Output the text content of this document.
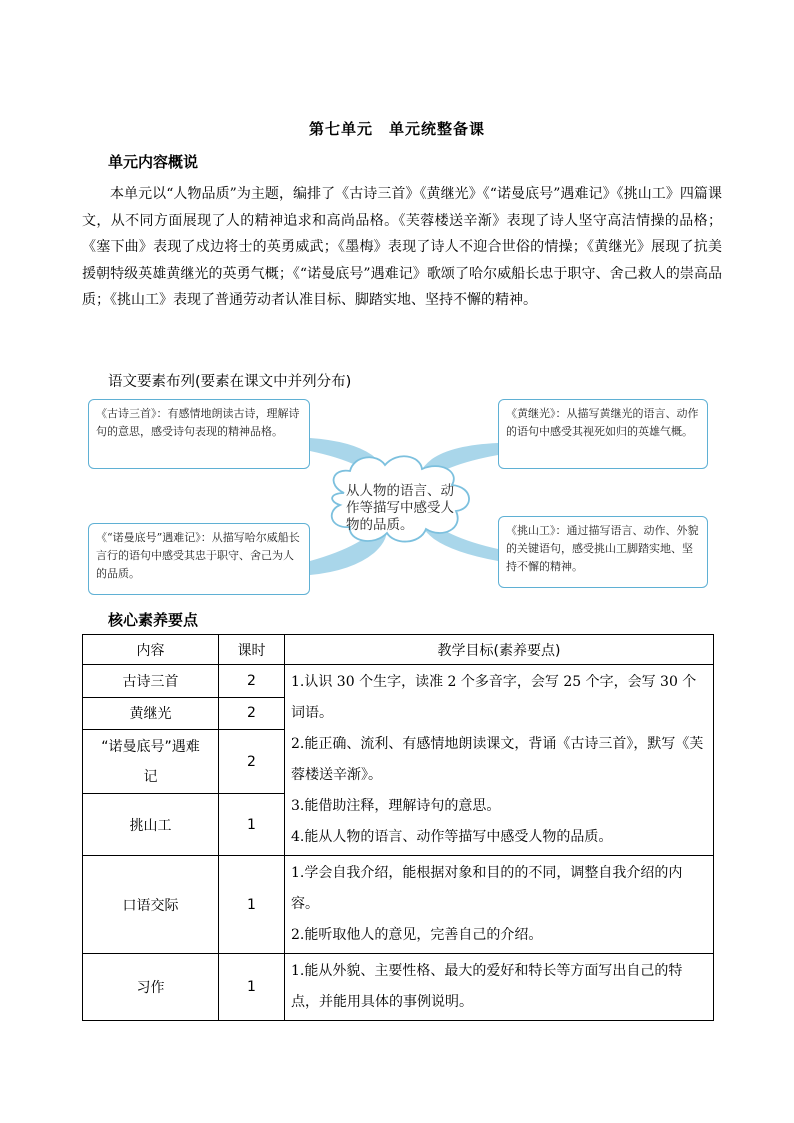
第七单元　单元统整备课
单元内容概说

本单元以“人物品质”为主题，编排了《古诗三首》《黄继光》《“诺曼底号”遇难记》《挑山工》四篇课文，从不同方面展现了人的精神追求和高尚品格。《芙蓉楼送辛渐》表现了诗人坚守高洁情操的品格；《塞下曲》表现了戍边将士的英勇威武；《墨梅》表现了诗人不迎合世俗的情操；《黄继光》展现了抗美援朝特级英雄黄继光的英勇气概；《“诺曼底号”遇难记》歌颂了哈尔威船长忠于职守、舍己救人的崇高品质；《挑山工》表现了普通劳动者认准目标、脚踏实地、坚持不懈的精神。

语文要素布列(要素在课文中并列分布)
《古诗三首》：有感情地朗读古诗，理解诗句的意思，感受诗句表现的精神品格。
《黄继光》：从描写黄继光的语言、动作的语句中感受其视死如归的英雄气概。
从人物的语言、动作等描写中感受人物的品质。
《“诺曼底号”遇难记》：从描写哈尔威船长言行的语句中感受其忠于职守、舍己为人的品质。
《挑山工》：通过描写语言、动作、外貌的关键语句，感受挑山工脚踏实地、坚持不懈的精神。
核心素养要点
内容	课时	教学目标(素养要点)
古诗三首	2	1.认识 30 个生字，读准 2 个多音字，会写 25 个字，会写 30 个词语。

2.能正确、流利、有感情地朗读课文，背诵《古诗三首》，默写《芙蓉楼送辛渐》。

3.能借助注释，理解诗句的意思。

4.能从人物的语言、动作等描写中感受人物的品质。

黄继光	2	
“诺曼底号”遇难记	2	
挑山工	1	
口语交际	1	1.学会自我介绍，能根据对象和目的的不同，调整自我介绍的内容。

2.能听取他人的意见，完善自己的介绍。

习作	1	1.能从外貌、主要性格、最大的爱好和特长等方面写出自己的特点，并能用具体的事例说明。
